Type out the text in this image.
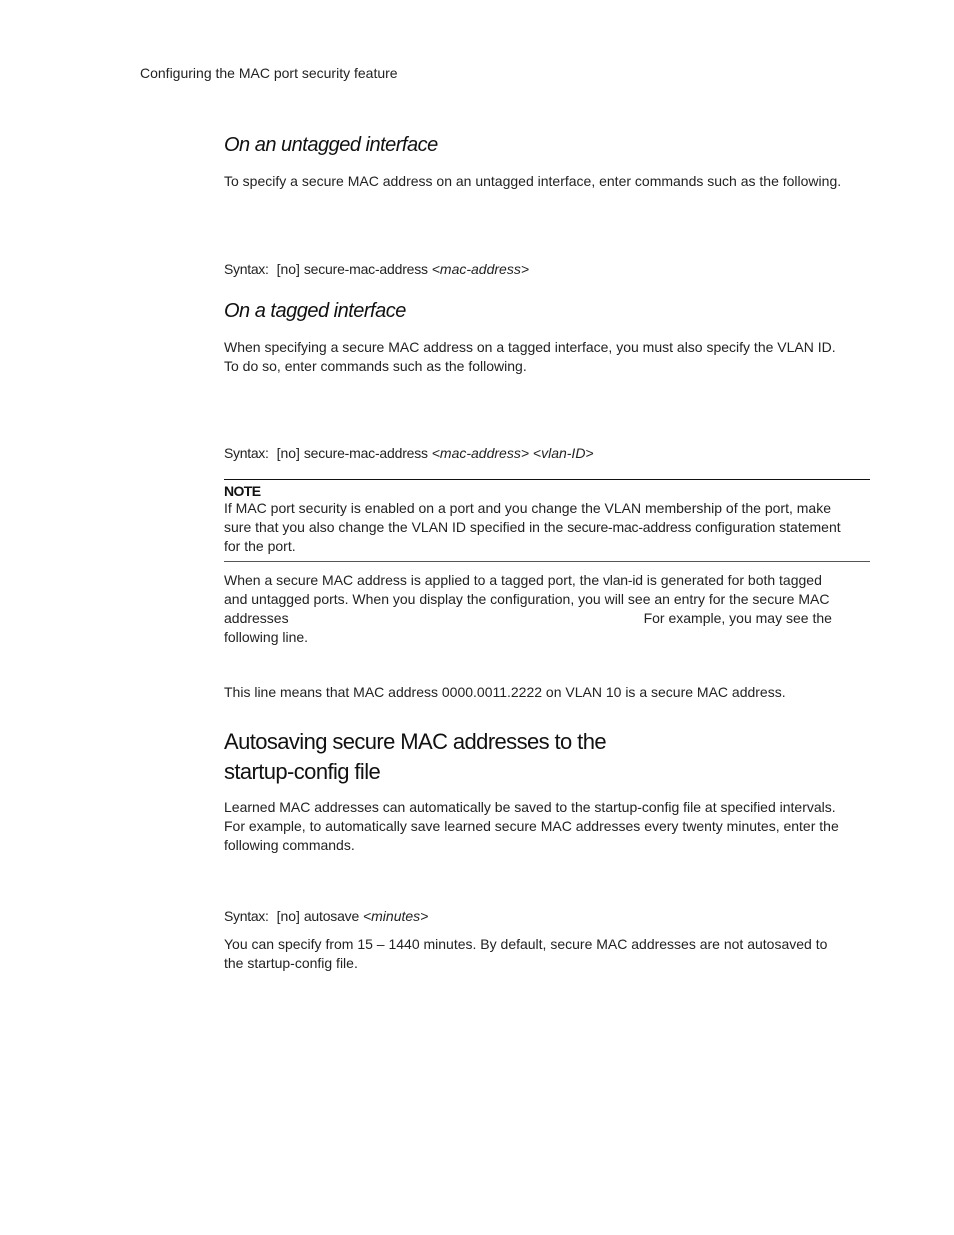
Configuring the MAC port security feature
On an untagged interface
To specify a secure MAC address on an untagged interface, enter commands such as the following.
Syntax: [no] secure-mac-address <mac-address>
On a tagged interface
When specifying a secure MAC address on a tagged interface, you must also specify the VLAN ID.
To do so, enter commands such as the following.
Syntax: [no] secure-mac-address <mac-address> <vlan-ID>
NOTE
If MAC port security is enabled on a port and you change the VLAN membership of the port, make
sure that you also change the VLAN ID specified in the secure-mac-address configuration statement
for the port.
When a secure MAC address is applied to a tagged port, the vlan-id is generated for both tagged
and untagged ports. When you display the configuration, you will see an entry for the secure MAC
addresses	For example, you may see the
following line.
This line means that MAC address 0000.0011.2222 on VLAN 10 is a secure MAC address.
Autosaving secure MAC addresses to the
startup-config file
Learned MAC addresses can automatically be saved to the startup-config file at specified intervals.
For example, to automatically save learned secure MAC addresses every twenty minutes, enter the
following commands.
Syntax: [no] autosave <minutes>
You can specify from 15 – 1440 minutes. By default, secure MAC addresses are not autosaved to
the startup-config file.
